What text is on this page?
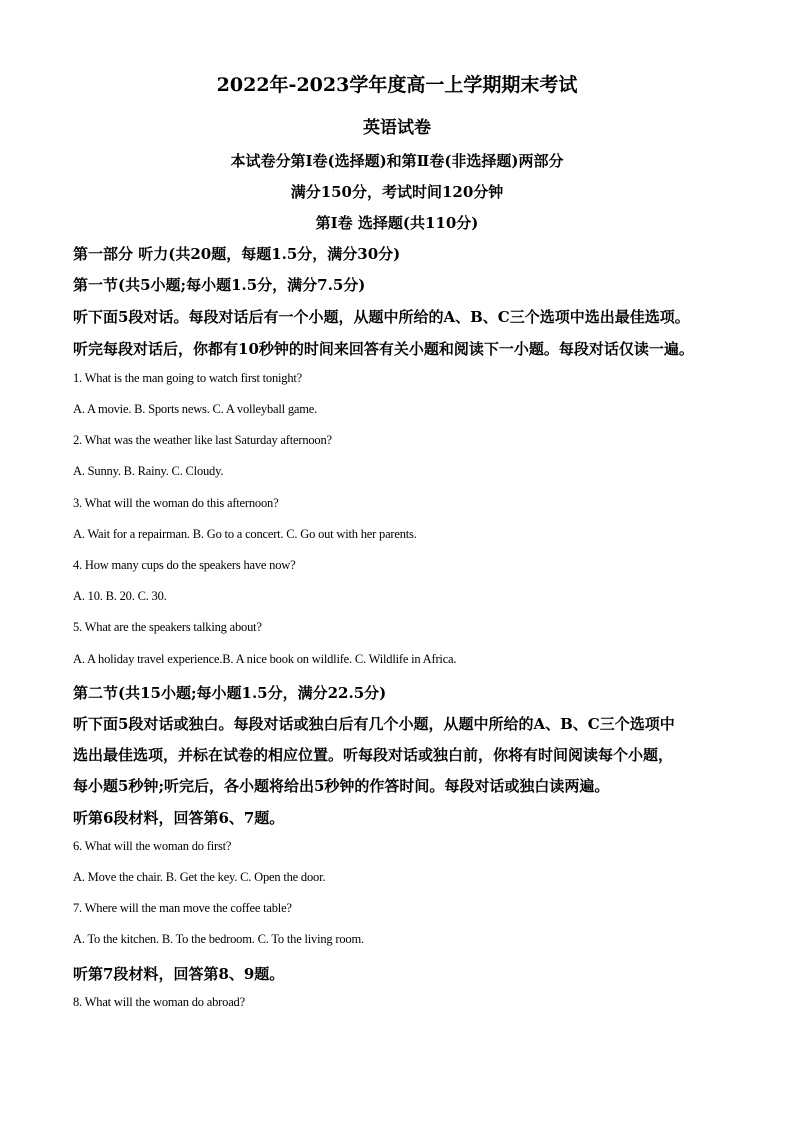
2022年-2023学年度高一上学期期末考试
英语试卷
本试卷分第Ⅰ卷(选择题)和第Ⅱ卷(非选择题)两部分
满分150分，考试时间120分钟
第Ⅰ卷 选择题(共110分)
第一部分 听力(共20题，每题1.5分，满分30分)
第一节(共5小题;每小题1.5分，满分7.5分)
听下面5段对话。每段对话后有一个小题，从题中所给的A、B、C三个选项中选出最佳选项。
听完每段对话后，你都有10秒钟的时间来回答有关小题和阅读下一小题。每段对话仅读一遍。
1. What is the man going to watch first tonight?
A. A movie. B. Sports news. C. A volleyball game.
2. What was the weather like last Saturday afternoon?
A. Sunny. B. Rainy. C. Cloudy.
3. What will the woman do this afternoon?
A. Wait for a repairman. B. Go to a concert. C. Go out with her parents.
4. How many cups do the speakers have now?
A. 10. B. 20. C. 30.
5. What are the speakers talking about?
A. A holiday travel experience.B. A nice book on wildlife. C. Wildlife in Africa.
第二节(共15小题;每小题1.5分，满分22.5分)
听下面5段对话或独白。每段对话或独白后有几个小题，从题中所给的A、B、C三个选项中
选出最佳选项，并标在试卷的相应位置。听每段对话或独白前，你将有时间阅读每个小题，
每小题5秒钟;听完后，各小题将给出5秒钟的作答时间。每段对话或独白读两遍。
听第6段材料，回答第6、7题。
6. What will the woman do first?
A. Move the chair. B. Get the key. C. Open the door.
7. Where will the man move the coffee table?
A. To the kitchen. B. To the bedroom. C. To the living room.
听第7段材料，回答第8、9题。
8. What will the woman do abroad?
